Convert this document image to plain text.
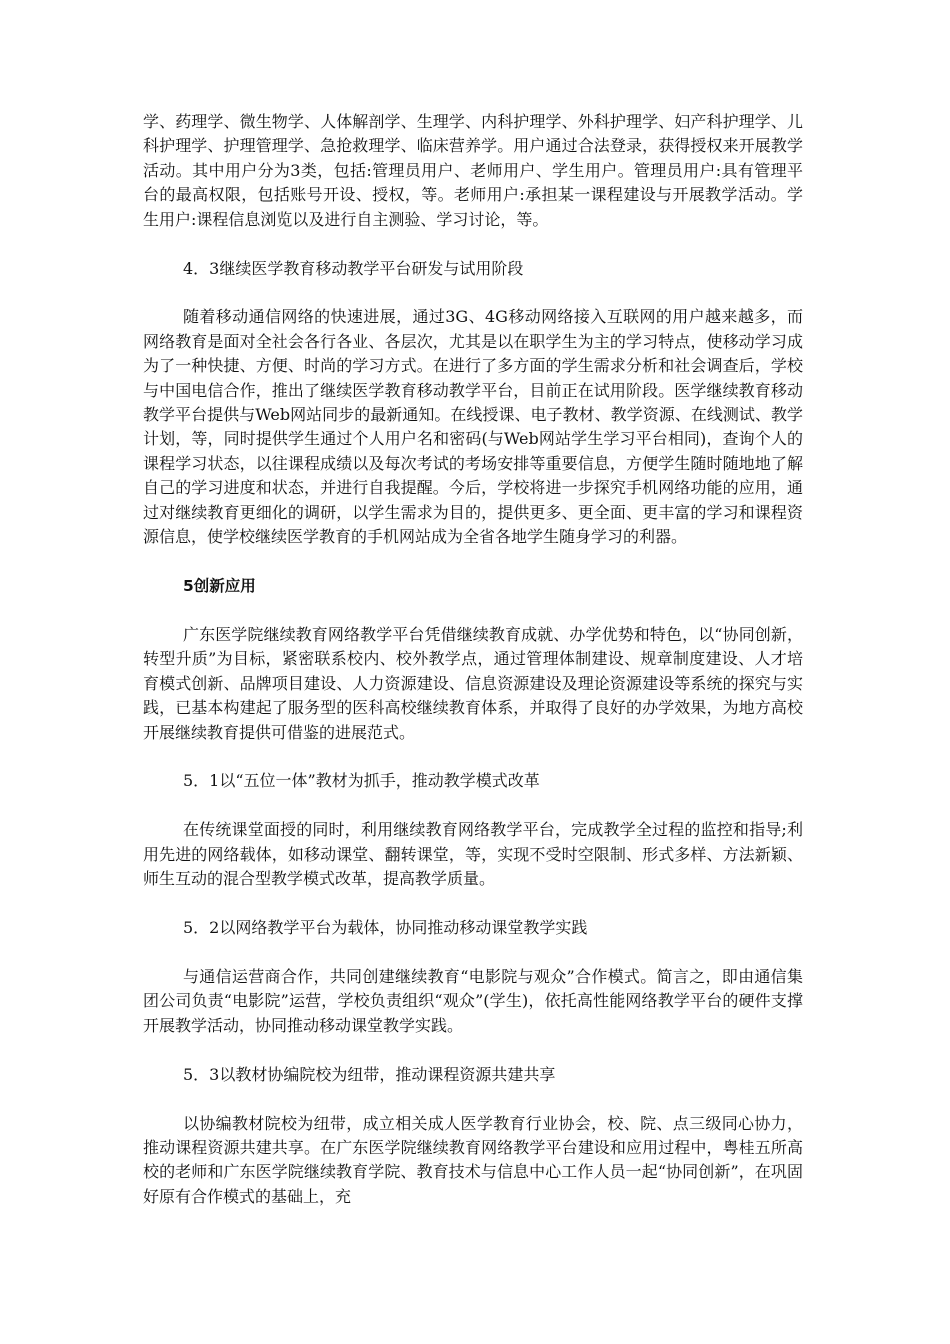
学、药理学、微生物学、人体解剖学、生理学、内科护理学、外科护理学、妇产科护理学、儿科护理学、护理管理学、急抢救理学、临床营养学。用户通过合法登录，获得授权来开展教学活动。其中用户分为3类，包括:管理员用户、老师用户、学生用户。管理员用户:具有管理平台的最高权限，包括账号开设、授权，等。老师用户:承担某一课程建设与开展教学活动。学生用户:课程信息浏览以及进行自主测验、学习讨论，等。

4．3继续医学教育移动教学平台研发与试用阶段

随着移动通信网络的快速进展，通过3G、4G移动网络接入互联网的用户越来越多，而网络教育是面对全社会各行各业、各层次，尤其是以在职学生为主的学习特点，使移动学习成为了一种快捷、方便、时尚的学习方式。在进行了多方面的学生需求分析和社会调查后，学校与中国电信合作，推出了继续医学教育移动教学平台，目前正在试用阶段。医学继续教育移动教学平台提供与Web网站同步的最新通知。在线授课、电子教材、教学资源、在线测试、教学计划，等，同时提供学生通过个人用户名和密码(与Web网站学生学习平台相同)，查询个人的课程学习状态，以往课程成绩以及每次考试的考场安排等重要信息，方便学生随时随地地了解自己的学习进度和状态，并进行自我提醒。今后，学校将进一步探究手机网络功能的应用，通过对继续教育更细化的调研，以学生需求为目的，提供更多、更全面、更丰富的学习和课程资源信息，使学校继续医学教育的手机网站成为全省各地学生随身学习的利器。

5创新应用

广东医学院继续教育网络教学平台凭借继续教育成就、办学优势和特色，以“协同创新，转型升质”为目标，紧密联系校内、校外教学点，通过管理体制建设、规章制度建设、人才培育模式创新、品牌项目建设、人力资源建设、信息资源建设及理论资源建设等系统的探究与实践，已基本构建起了服务型的医科高校继续教育体系，并取得了良好的办学效果，为地方高校开展继续教育提供可借鉴的进展范式。

5．1以“五位一体”教材为抓手，推动教学模式改革

在传统课堂面授的同时，利用继续教育网络教学平台，完成教学全过程的监控和指导;利用先进的网络载体，如移动课堂、翻转课堂，等，实现不受时空限制、形式多样、方法新颖、师生互动的混合型教学模式改革，提高教学质量。

5．2以网络教学平台为载体，协同推动移动课堂教学实践

与通信运营商合作，共同创建继续教育“电影院与观众”合作模式。简言之，即由通信集团公司负责“电影院”运营，学校负责组织“观众”(学生)，依托高性能网络教学平台的硬件支撑开展教学活动，协同推动移动课堂教学实践。

5．3以教材协编院校为纽带，推动课程资源共建共享

以协编教材院校为纽带，成立相关成人医学教育行业协会，校、院、点三级同心协力，推动课程资源共建共享。在广东医学院继续教育网络教学平台建设和应用过程中，粤桂五所高校的老师和广东医学院继续教育学院、教育技术与信息中心工作人员一起“协同创新”，在巩固好原有合作模式的基础上，充
